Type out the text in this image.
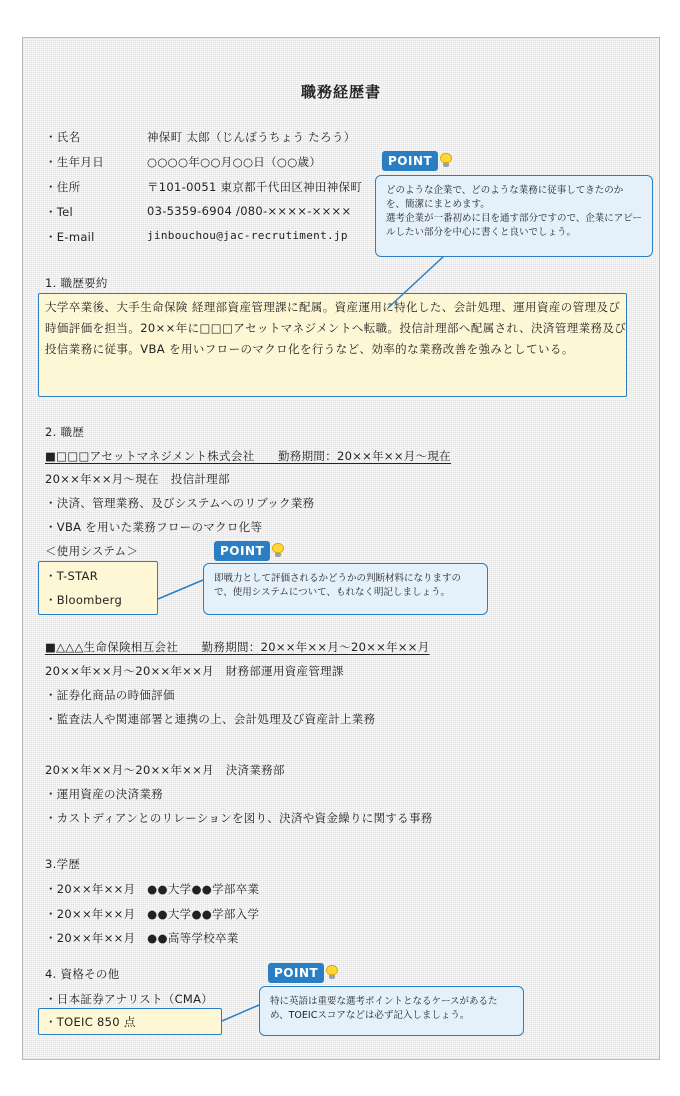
職務経歴書
・氏名	神保町 太郎（じんぼうちょう たろう）
・生年月日	○○○○年○○月○○日（○○歳）
・住所	〒101-0051 東京都千代田区神田神保町
・Tel	03-5359-6904 /080-××××-××××
・E-mail	jinbouchou@jac-recrutiment.jp
1. 職歴要約
大学卒業後、大手生命保険 経理部資産管理課に配属。資産運用に特化した、会計処理、運用資産の管理及び時価評価を担当。20××年に□□□アセットマネジメントへ転職。投信計理部へ配属され、決済管理業務及び投信業務に従事。VBA を用いフローのマクロ化を行うなど、効率的な業務改善を強みとしている。
2. 職歴
■□□□アセットマネジメント株式会社　　勤務期間：20××年××月～現在
20××年××月～現在　投信計理部
・決済、管理業務、及びシステムへのリブック業務
・VBA を用いた業務フローのマクロ化等
＜使用システム＞
・T-STAR
・Bloomberg
■△△△生命保険相互会社　　勤務期間：20××年××月～20××年××月
20××年××月～20××年××月　財務部運用資産管理課
・証券化商品の時価評価
・監査法人や関連部署と連携の上、会計処理及び資産計上業務
20××年××月～20××年××月　決済業務部
・運用資産の決済業務
・カストディアンとのリレーションを図り、決済や資金繰りに関する事務
3.学歴
・20××年××月　●●大学●●学部卒業
・20××年××月　●●大学●●学部入学
・20××年××月　●●高等学校卒業
4. 資格その他
・日本証券アナリスト（CMA）
・TOEIC 850 点
POINT
どのような企業で、どのような業務に従事してきたのかを、簡潔にまとめます。
選考企業が一番初めに目を通す部分ですので、企業にアピールしたい部分を中心に書くと良いでしょう。
POINT
即戦力として評価されるかどうかの判断材料になりますので、使用システムについて、もれなく明記しましょう。
POINT
特に英語は重要な選考ポイントとなるケースがあるため、TOEICスコアなどは必ず記入しましょう。
